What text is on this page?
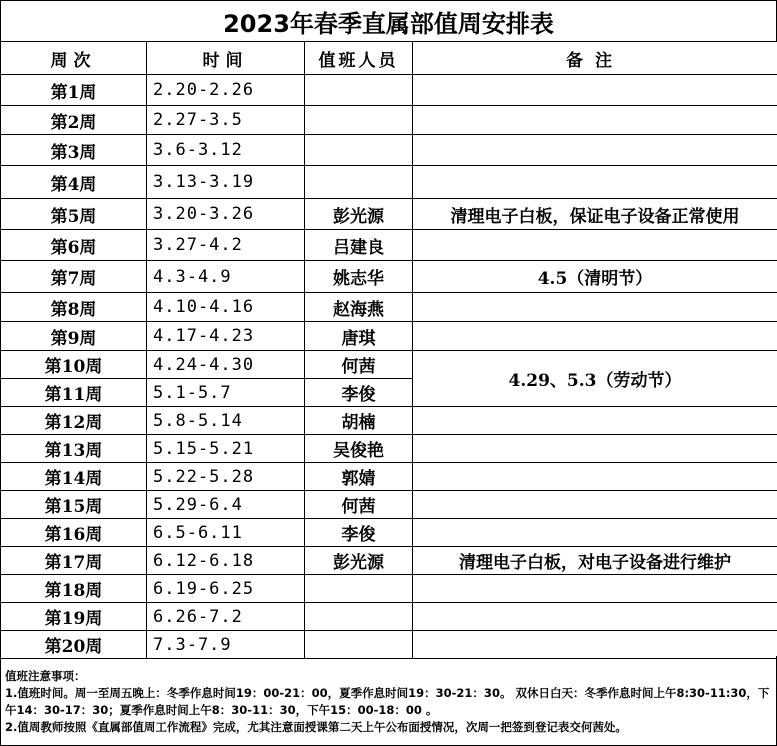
2023年春季直属部值周安排表
周次	时间	值班人员	备注
第1周	2.20-2.26		
第2周	2.27-3.5		
第3周	3.6-3.12		
第4周	3.13-3.19		
第5周	3.20-3.26	彭光源	清理电子白板，保证电子设备正常使用
第6周	3.27-4.2	吕建良	
第7周	4.3-4.9	姚志华	4.5（清明节）
第8周	4.10-4.16	赵海燕	
第9周	4.17-4.23	唐琪	
第10周	4.24-4.30	何茜	4.29、5.3（劳动节）
第11周	5.1-5.7	李俊	
第12周	5.8-5.14	胡楠	
第13周	5.15-5.21	吴俊艳	
第14周	5.22-5.28	郭婧	
第15周	5.29-6.4	何茜	
第16周	6.5-6.11	李俊	
第17周	6.12-6.18	彭光源	清理电子白板，对电子设备进行维护
第18周	6.19-6.25		
第19周	6.26-7.2		
第20周	7.3-7.9		
值班注意事项：
1.值班时间。周一至周五晚上：冬季作息时间19：00-21：00，夏季作息时间19：30-21：30。 双休日白天：冬季作息时间上午8:30-11:30，下午14：30-17：30；夏季作息时间上午8：30-11：30，下午15：00-18：00 。
2.值周教师按照《直属部值周工作流程》完成，尤其注意面授课第二天上午公布面授情况，次周一把签到登记表交何茜处。
